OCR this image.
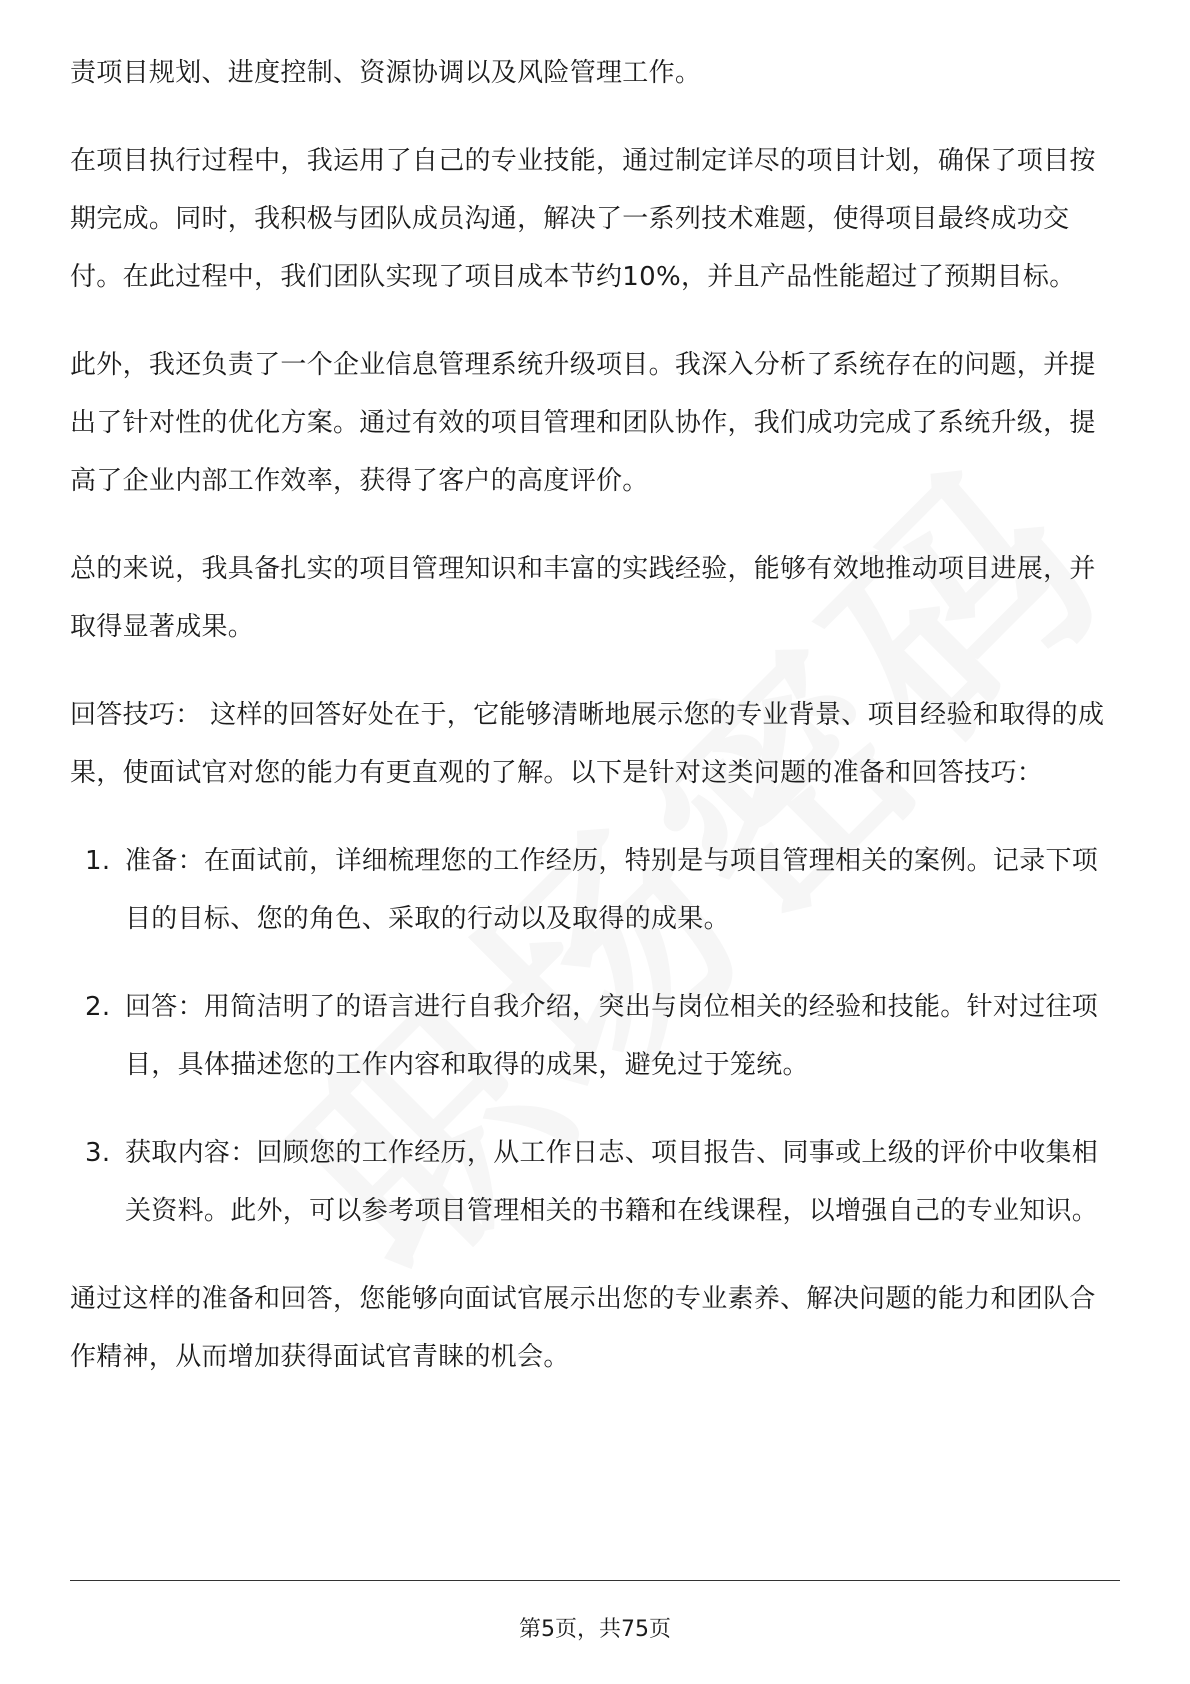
责项目规划、进度控制、资源协调以及风险管理工作。

在项目执行过程中，我运用了自己的专业技能，通过制定详尽的项目计划，确保了项目按期完成。同时，我积极与团队成员沟通，解决了一系列技术难题，使得项目最终成功交付。在此过程中，我们团队实现了项目成本节约10%，并且产品性能超过了预期目标。

此外，我还负责了一个企业信息管理系统升级项目。我深入分析了系统存在的问题，并提出了针对性的优化方案。通过有效的项目管理和团队协作，我们成功完成了系统升级，提高了企业内部工作效率，获得了客户的高度评价。

总的来说，我具备扎实的项目管理知识和丰富的实践经验，能够有效地推动项目进展，并取得显著成果。

回答技巧： 这样的回答好处在于，它能够清晰地展示您的专业背景、项目经验和取得的成果，使面试官对您的能力有更直观的了解。以下是针对这类问题的准备和回答技巧：

1. 准备：在面试前，详细梳理您的工作经历，特别是与项目管理相关的案例。记录下项目的目标、您的角色、采取的行动以及取得的成果。
2. 回答：用简洁明了的语言进行自我介绍，突出与岗位相关的经验和技能。针对过往项目，具体描述您的工作内容和取得的成果，避免过于笼统。
3. 获取内容：回顾您的工作经历，从工作日志、项目报告、同事或上级的评价中收集相关资料。此外，可以参考项目管理相关的书籍和在线课程，以增强自己的专业知识。

通过这样的准备和回答，您能够向面试官展示出您的专业素养、解决问题的能力和团队合作精神，从而增加获得面试官青睐的机会。

第5页，共75页
